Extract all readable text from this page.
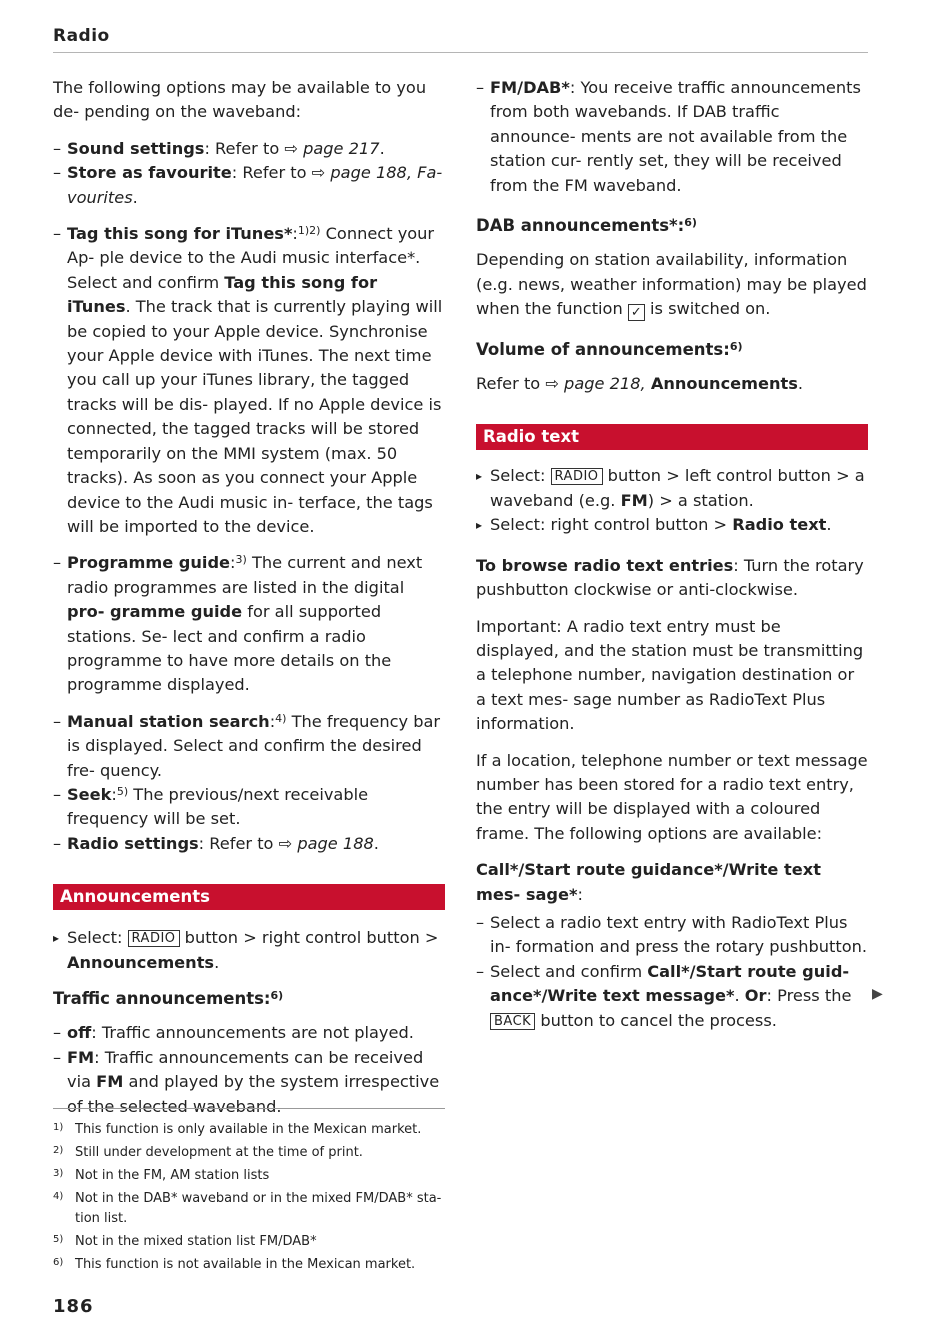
Radio

The following options may be available to you de- pending on the waveband:

– Sound settings: Refer to ⇨ page 217.

– Store as favourite: Refer to ⇨ page 188, Fa- vourites.

– Tag this song for iTunes*:$^{1)2)}$ Connect your Ap- ple device to the Audi music interface*. Select and confirm Tag this song for iTunes. The track that is currently playing will be copied to your Apple device. Synchronise your Apple device with iTunes. The next time you call up your iTunes library, the tagged tracks will be dis- played. If no Apple device is connected, the tagged tracks will be stored temporarily on the MMI system (max. 50 tracks). As soon as you connect your Apple device to the Audi music in- terface, the tags will be imported to the device.

– Programme guide:$^{3)}$ The current and next radio programmes are listed in the digital pro- gramme guide for all supported stations. Se- lect and confirm a radio programme to have more details on the programme displayed.

– Manual station search:$^{4)}$ The frequency bar is displayed. Select and confirm the desired fre- quency.

– Seek:$^{5)}$ The previous/next receivable frequency will be set.

– Radio settings: Refer to ⇨ page 188.

Announcements

▸ Select: RADIO button > right control button > Announcements.

Traffic announcements:$^{6)}$

– off: Traffic announcements are not played.

– FM: Traffic announcements can be received via FM and played by the system irrespective of the selected waveband.

– FM/DAB*: You receive traffic announcements from both wavebands. If DAB traffic announce- ments are not available from the station cur- rently set, they will be received from the FM waveband.

DAB announcements*:$^{6)}$

Depending on station availability, information (e.g. news, weather information) may be played when the function ✓ is switched on.

Volume of announcements:$^{6)}$

Refer to ⇨ page 218, Announcements.

Radio text

▸ Select: RADIO button > left control button > a waveband (e.g. FM) > a station.

▸ Select: right control button > Radio text.

To browse radio text entries: Turn the rotary pushbutton clockwise or anti-clockwise.

Important: A radio text entry must be displayed, and the station must be transmitting a telephone number, navigation destination or a text mes- sage number as RadioText Plus information.

If a location, telephone number or text message number has been stored for a radio text entry, the entry will be displayed with a coloured frame. The following options are available:

Call*/Start route guidance*/Write text mes- sage*:

– Select a radio text entry with RadioText Plus in- formation and press the rotary pushbutton.

– Select and confirm Call*/Start route guid- ance*/Write text message*. Or: Press the BACK button to cancel the process.

▶
1) This function is only available in the Mexican market.
2) Still under development at the time of print.
3) Not in the FM, AM station lists
4) Not in the DAB* waveband or in the mixed FM/DAB* sta- tion list.
5) Not in the mixed station list FM/DAB*
6) This function is not available in the Mexican market.
186
